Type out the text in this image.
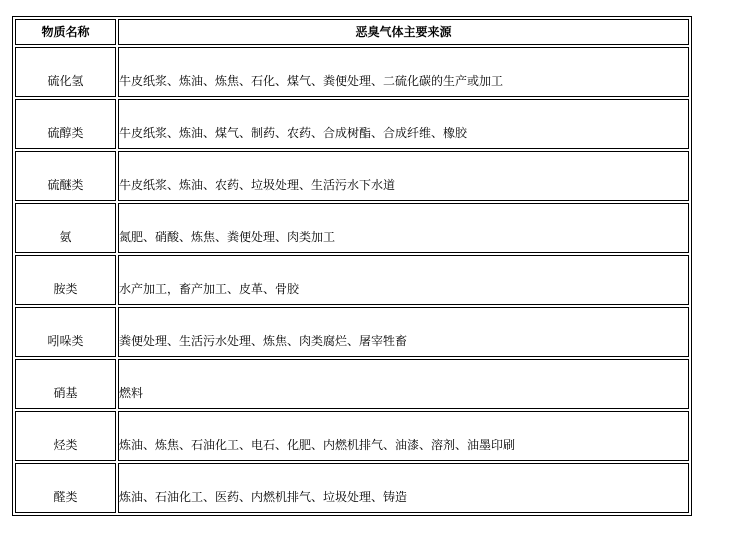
物质名称	恶臭气体主要来源
硫化氢	牛皮纸浆、炼油、炼焦、石化、煤气、粪便处理、二硫化碳的生产或加工
硫醇类	牛皮纸浆、炼油、煤气、制药、农药、合成树酯、合成纤维、橡胶
硫醚类	牛皮纸浆、炼油、农药、垃圾处理、生活污水下水道
氨	氮肥、硝酸、炼焦、粪便处理、肉类加工
胺类	水产加工，畜产加工、皮革、骨胶
吲哚类	粪便处理、生活污水处理、炼焦、肉类腐烂、屠宰牲畜
硝基	燃料
烃类	炼油、炼焦、石油化工、电石、化肥、内燃机排气、油漆、溶剂、油墨印刷
醛类	炼油、石油化工、医药、内燃机排气、垃圾处理、铸造
